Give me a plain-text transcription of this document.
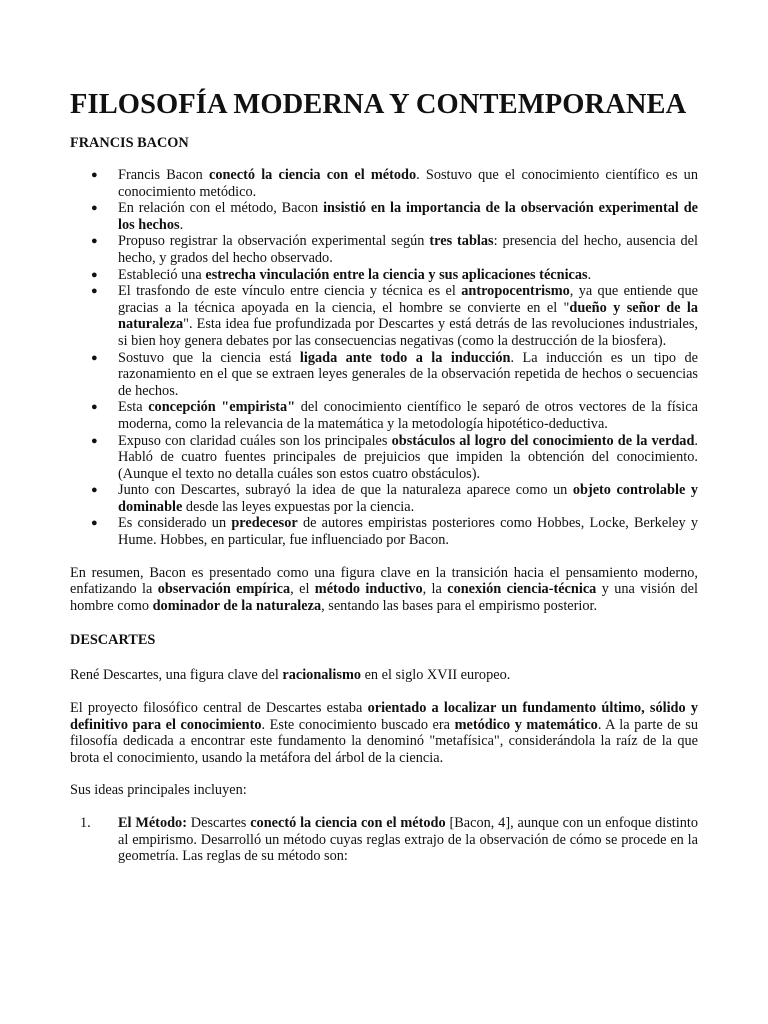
FILOSOFÍA MODERNA Y CONTEMPORANEA
FRANCIS BACON
● Francis Bacon conectó la ciencia con el método. Sostuvo que el conocimiento científico es un conocimiento metódico.
● En relación con el método, Bacon insistió en la importancia de la observación experimental de los hechos.
● Propuso registrar la observación experimental según tres tablas: presencia del hecho, ausencia del hecho, y grados del hecho observado.
● Estableció una estrecha vinculación entre la ciencia y sus aplicaciones técnicas.
● El trasfondo de este vínculo entre ciencia y técnica es el antropocentrismo, ya que entiende que gracias a la técnica apoyada en la ciencia, el hombre se convierte en el "dueño y señor de la naturaleza". Esta idea fue profundizada por Descartes y está detrás de las revoluciones industriales, si bien hoy genera debates por las consecuencias negativas (como la destrucción de la biosfera).
● Sostuvo que la ciencia está ligada ante todo a la inducción. La inducción es un tipo de razonamiento en el que se extraen leyes generales de la observación repetida de hechos o secuencias de hechos.
● Esta concepción "empirista" del conocimiento científico le separó de otros vectores de la física moderna, como la relevancia de la matemática y la metodología hipotético-deductiva.
● Expuso con claridad cuáles son los principales obstáculos al logro del conocimiento de la verdad. Habló de cuatro fuentes principales de prejuicios que impiden la obtención del conocimiento. (Aunque el texto no detalla cuáles son estos cuatro obstáculos).
● Junto con Descartes, subrayó la idea de que la naturaleza aparece como un objeto controlable y dominable desde las leyes expuestas por la ciencia.
● Es considerado un predecesor de autores empiristas posteriores como Hobbes, Locke, Berkeley y Hume. Hobbes, en particular, fue influenciado por Bacon.

En resumen, Bacon es presentado como una figura clave en la transición hacia el pensamiento moderno, enfatizando la observación empírica, el método inductivo, la conexión ciencia-técnica y una visión del hombre como dominador de la naturaleza, sentando las bases para el empirismo posterior.

DESCARTES

René Descartes, una figura clave del racionalismo en el siglo XVII europeo.

El proyecto filosófico central de Descartes estaba orientado a localizar un fundamento último, sólido y definitivo para el conocimiento. Este conocimiento buscado era metódico y matemático. A la parte de su filosofía dedicada a encontrar este fundamento la denominó "metafísica", considerándola la raíz de la que brota el conocimiento, usando la metáfora del árbol de la ciencia.

Sus ideas principales incluyen:

1. El Método: Descartes conectó la ciencia con el método [Bacon, 4], aunque con un enfoque distinto al empirismo. Desarrolló un método cuyas reglas extrajo de la observación de cómo se procede en la geometría. Las reglas de su método son:
